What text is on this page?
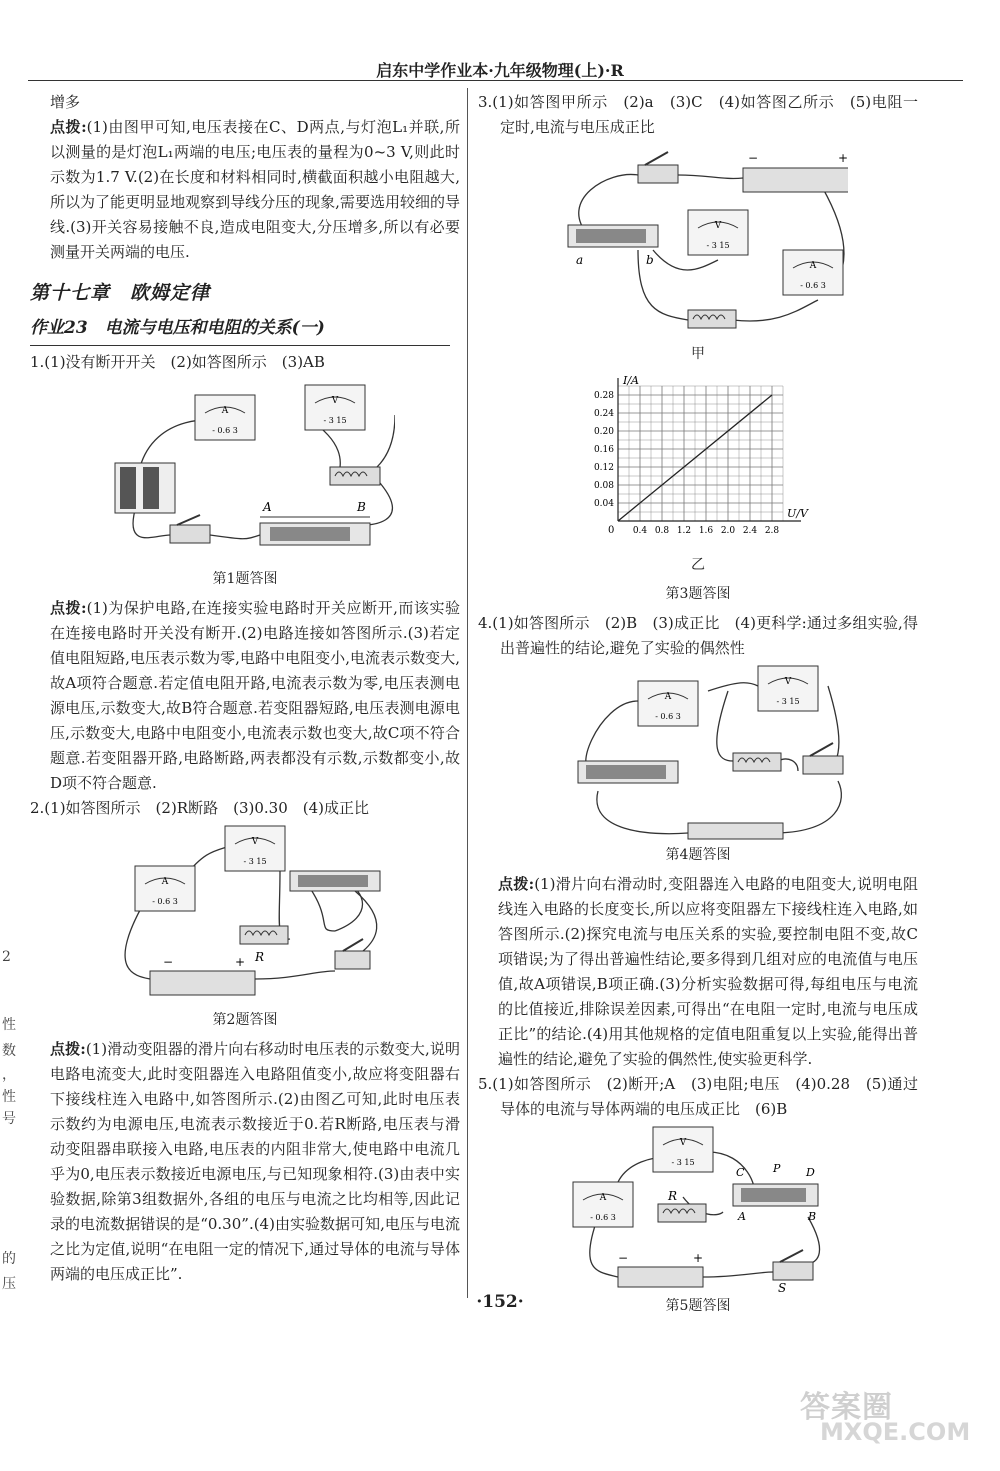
启东中学作业本·九年级物理(上)·R

增多

点拨:(1)由图甲可知,电压表接在C、D两点,与灯泡L₁并联,所以测量的是灯泡L₁两端的电压;电压表的量程为0~3 V,则此时示数为1.7 V.(2)在长度和材料相同时,横截面积越小电阻越大,所以为了能更明显地观察到导线分压的现象,需要选用较细的导线.(3)开关容易接触不良,造成电阻变大,分压增多,所以有必要测量开关两端的电压.

第十七章　欧姆定律
作业23　电流与电压和电阻的关系(一)

1.(1)没有断开开关　(2)如答图所示　(3)AB

A
- 0.6 3
V
- 3 15
A	B
第1题答图

点拨:(1)为保护电路,在连接实验电路时开关应断开,而该实验在连接电路时开关没有断开.(2)电路连接如答图所示.(3)若定值电阻短路,电压表示数为零,电路中电阻变小,电流表示数变大,故A项符合题意.若定值电阻开路,电流表示数为零,电压表测电源电压,示数变大,故B符合题意.若变阻器短路,电压表测电源电压,示数变大,电路中电阻变小,电流表示数也变大,故C项不符合题意.若变阻器开路,电路断路,两表都没有示数,示数都变小,故D项不符合题意.

2.(1)如答图所示　(2)R断路　(3)0.30　(4)成正比

A
- 0.6 3
V
- 3 15
R
−	+
第2题答图

点拨:(1)滑动变阻器的滑片向右移动时电压表的示数变大,说明电路电流变大,此时变阻器连入电路阻值变小,故应将变阻器右下接线柱连入电路中,如答图所示.(2)由图乙可知,此时电压表示数约为电源电压,电流表示数接近于0.若R断路,电压表与滑动变阻器串联接入电路,电压表的内阻非常大,使电路中电流几乎为0,电压表示数接近电源电压,与已知现象相符.(3)由表中实验数据,除第3组数据外,各组的电压与电流之比均相等,因此记录的电流数据错误的是“0.30”.(4)由实验数据可知,电压与电流之比为定值,说明“在电阻一定的情况下,通过导体的电流与导体两端的电压成正比”.

3.(1)如答图甲所示　(2)a　(3)C　(4)如答图乙所示　(5)电阻一定时,电流与电压成正比

−	+
a	b
V
- 3 15
A
- 0.6 3
甲
0.4 0.8 1.2 1.6 2.0 2.4 2.8
0.04
0.08
0.12
0.16
0.20
0.24
0.28
U/V
I/A
0
乙
第3题答图

4.(1)如答图所示　(2)B　(3)成正比　(4)更科学:通过多组实验,得出普遍性的结论,避免了实验的偶然性

A
- 0.6 3
V
- 3 15
第4题答图

点拨:(1)滑片向右滑动时,变阻器连入电路的电阻变大,说明电阻线连入电路的长度变长,所以应将变阻器左下接线柱连入电路,如答图所示.(2)探究电流与电压关系的实验,要控制电阻不变,故C项错误;为了得出普遍性结论,要多得到几组对应的电流值与电压值,故A项错误,B项正确.(3)分析实验数据可得,每组电压与电流的比值接近,排除误差因素,可得出“在电阻一定时,电流与电压成正比”的结论.(4)用其他规格的定值电阻重复以上实验,能得出普遍性的结论,避免了实验的偶然性,使实验更科学.

5.(1)如答图所示　(2)断开;A　(3)电阻;电压　(4)0.28　(5)通过导体的电流与导体两端的电压成正比　(6)B

V
- 3 15
A
- 0.6 3
R
C	P D
A	B
−	+
S
第5题答图
2
性
数
，
性
号
的
压
·152·
答案圈
MXQE.COM
